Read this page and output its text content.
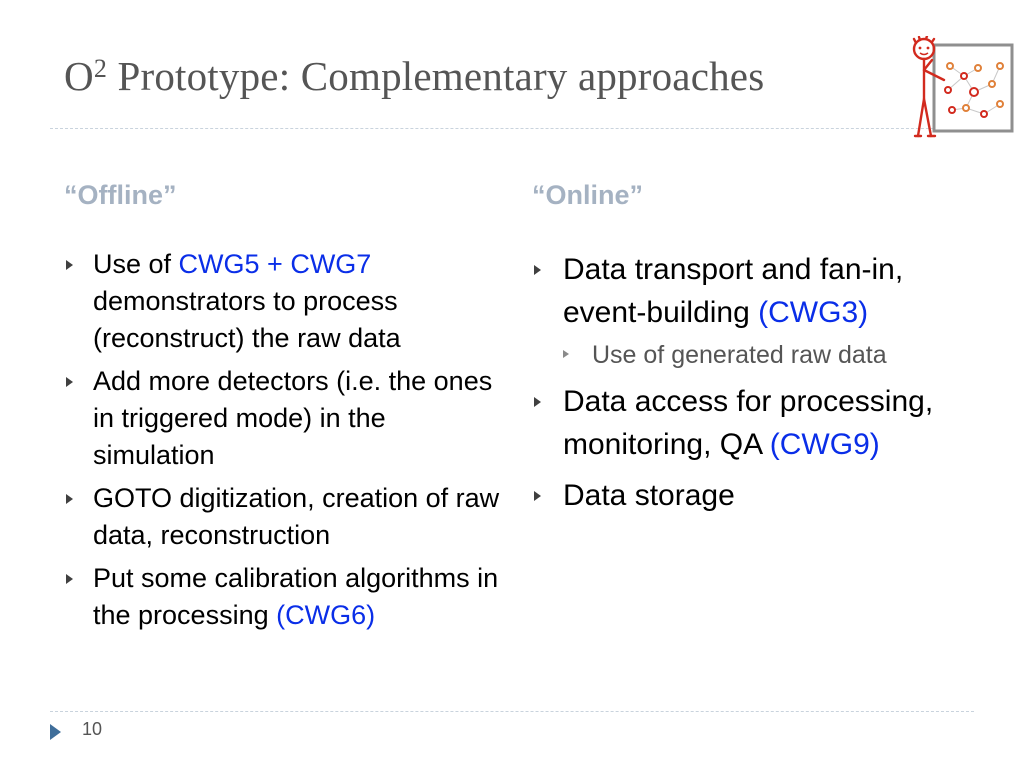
$O^2$ Prototype: Complementary approaches
“Offline”	“Online”
Use of CWG5 + CWG7 demonstrators to process (reconstruct) the raw data
Add more detectors (i.e. the ones in triggered mode) in the simulation
GOTO digitization, creation of raw data, reconstruction
Put some calibration algorithms in the processing (CWG6)
Data transport and fan-in, event-building (CWG3)
Use of generated raw data
Data access for processing, monitoring, QA (CWG9)
Data storage
10
